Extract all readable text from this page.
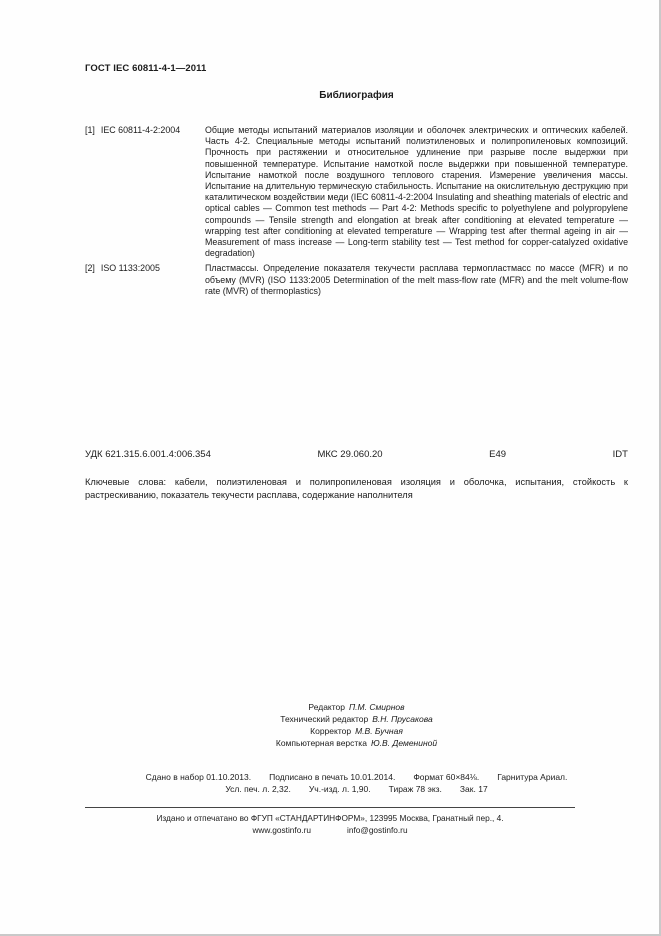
ГОСТ IEC 60811-4-1—2011
Библиография
[1] IEC 60811-4-2:2004	Общие методы испытаний материалов изоляции и оболочек электрических и оптических кабелей. Часть 4-2. Специальные методы испытаний полиэтиленовых и полипропиленовых композиций. Прочность при растяжении и относительное удлинение при разрыве после выдержки при повышенной температуре. Испытание намоткой после выдержки при повышенной температуре. Испытание намоткой после воздушного теплового старения. Измерение увеличения массы. Испытание на длительную термическую стабильность. Испытание на окислительную деструкцию при каталитическом воздействии меди (IEC 60811-4-2:2004 Insulating and sheathing materials of electric and optical cables — Common test methods — Part 4-2: Methods specific to polyethylene and polypropylene compounds — Tensile strength and elongation at break after conditioning at elevated temperature — wrapping test after conditioning at elevated temperature — Wrapping test after thermal ageing in air — Measurement of mass increase — Long-term stability test — Test method for copper-catalyzed oxidative degradation)
[2] ISO 1133:2005	Пластмассы. Определение показателя текучести расплава термопластмасс по массе (MFR) и по объему (MVR) (ISO 1133:2005 Determination of the melt mass-flow rate (MFR) and the melt volume-flow rate (MVR) of thermoplastics)
УДК 621.315.6.001.4:006.354	МКС 29.060.20	Е49	IDT
Ключевые слова: кабели, полиэтиленовая и полипропиленовая изоляция и оболочка, испытания, стойкость к растрескиванию, показатель текучести расплава, содержание наполнителя
Редактор П.М. Смирнов
Технический редактор В.Н. Прусакова
Корректор М.В. Бучная
Компьютерная верстка Ю.В. Демениной
Сдано в набор 01.10.2013. Подписано в печать 10.01.2014. Формат 60×84⅛. Гарнитура Ариал.
Усл. печ. л. 2,32. Уч.-изд. л. 1,90. Тираж 78 экз. Зак. 17
Издано и отпечатано во ФГУП «СТАНДАРТИНФОРМ», 123995 Москва, Гранатный пер., 4.
www.gostinfo.ru	info@gostinfo.ru
